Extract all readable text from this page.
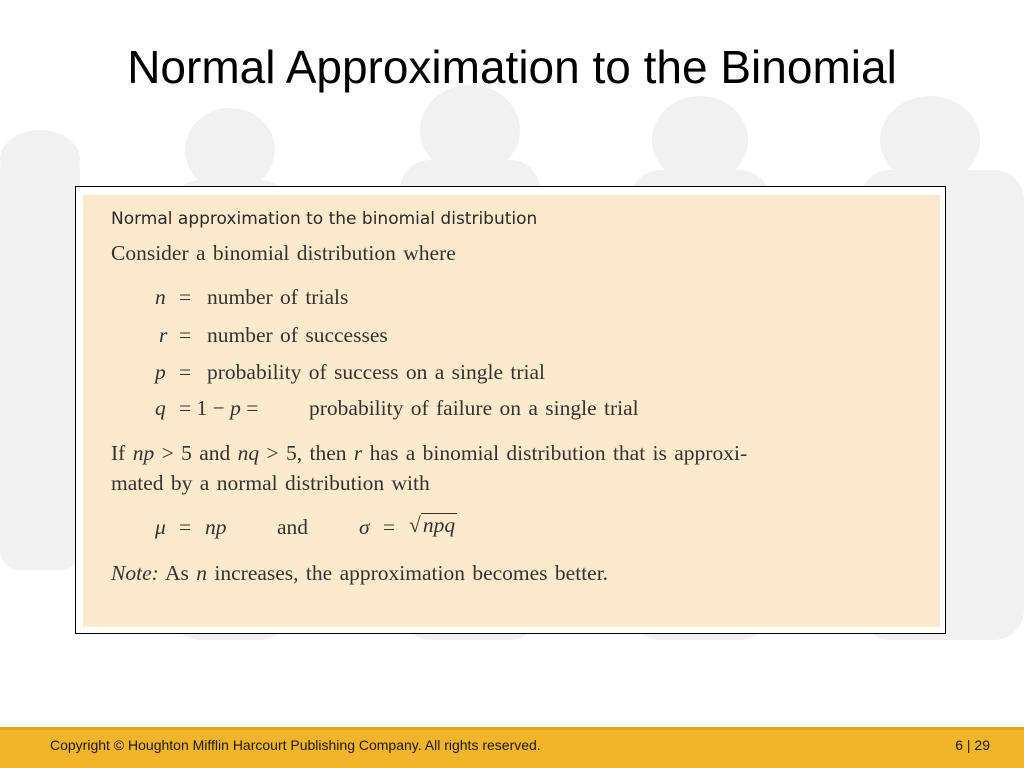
Normal Approximation to the Binomial
Normal approximation to the binomial distribution
Consider a binomial distribution where
n = number of trials
r = number of successes
p = probability of success on a single trial
q = 1 − p = probability of failure on a single trial
If np > 5 and nq > 5, then r has a binomial distribution that is approxi-
mated by a normal distribution with
μ = np and σ = √npq
Note: As n increases, the approximation becomes better.
Copyright © Houghton Mifflin Harcourt Publishing Company. All rights reserved.	6 | 29
